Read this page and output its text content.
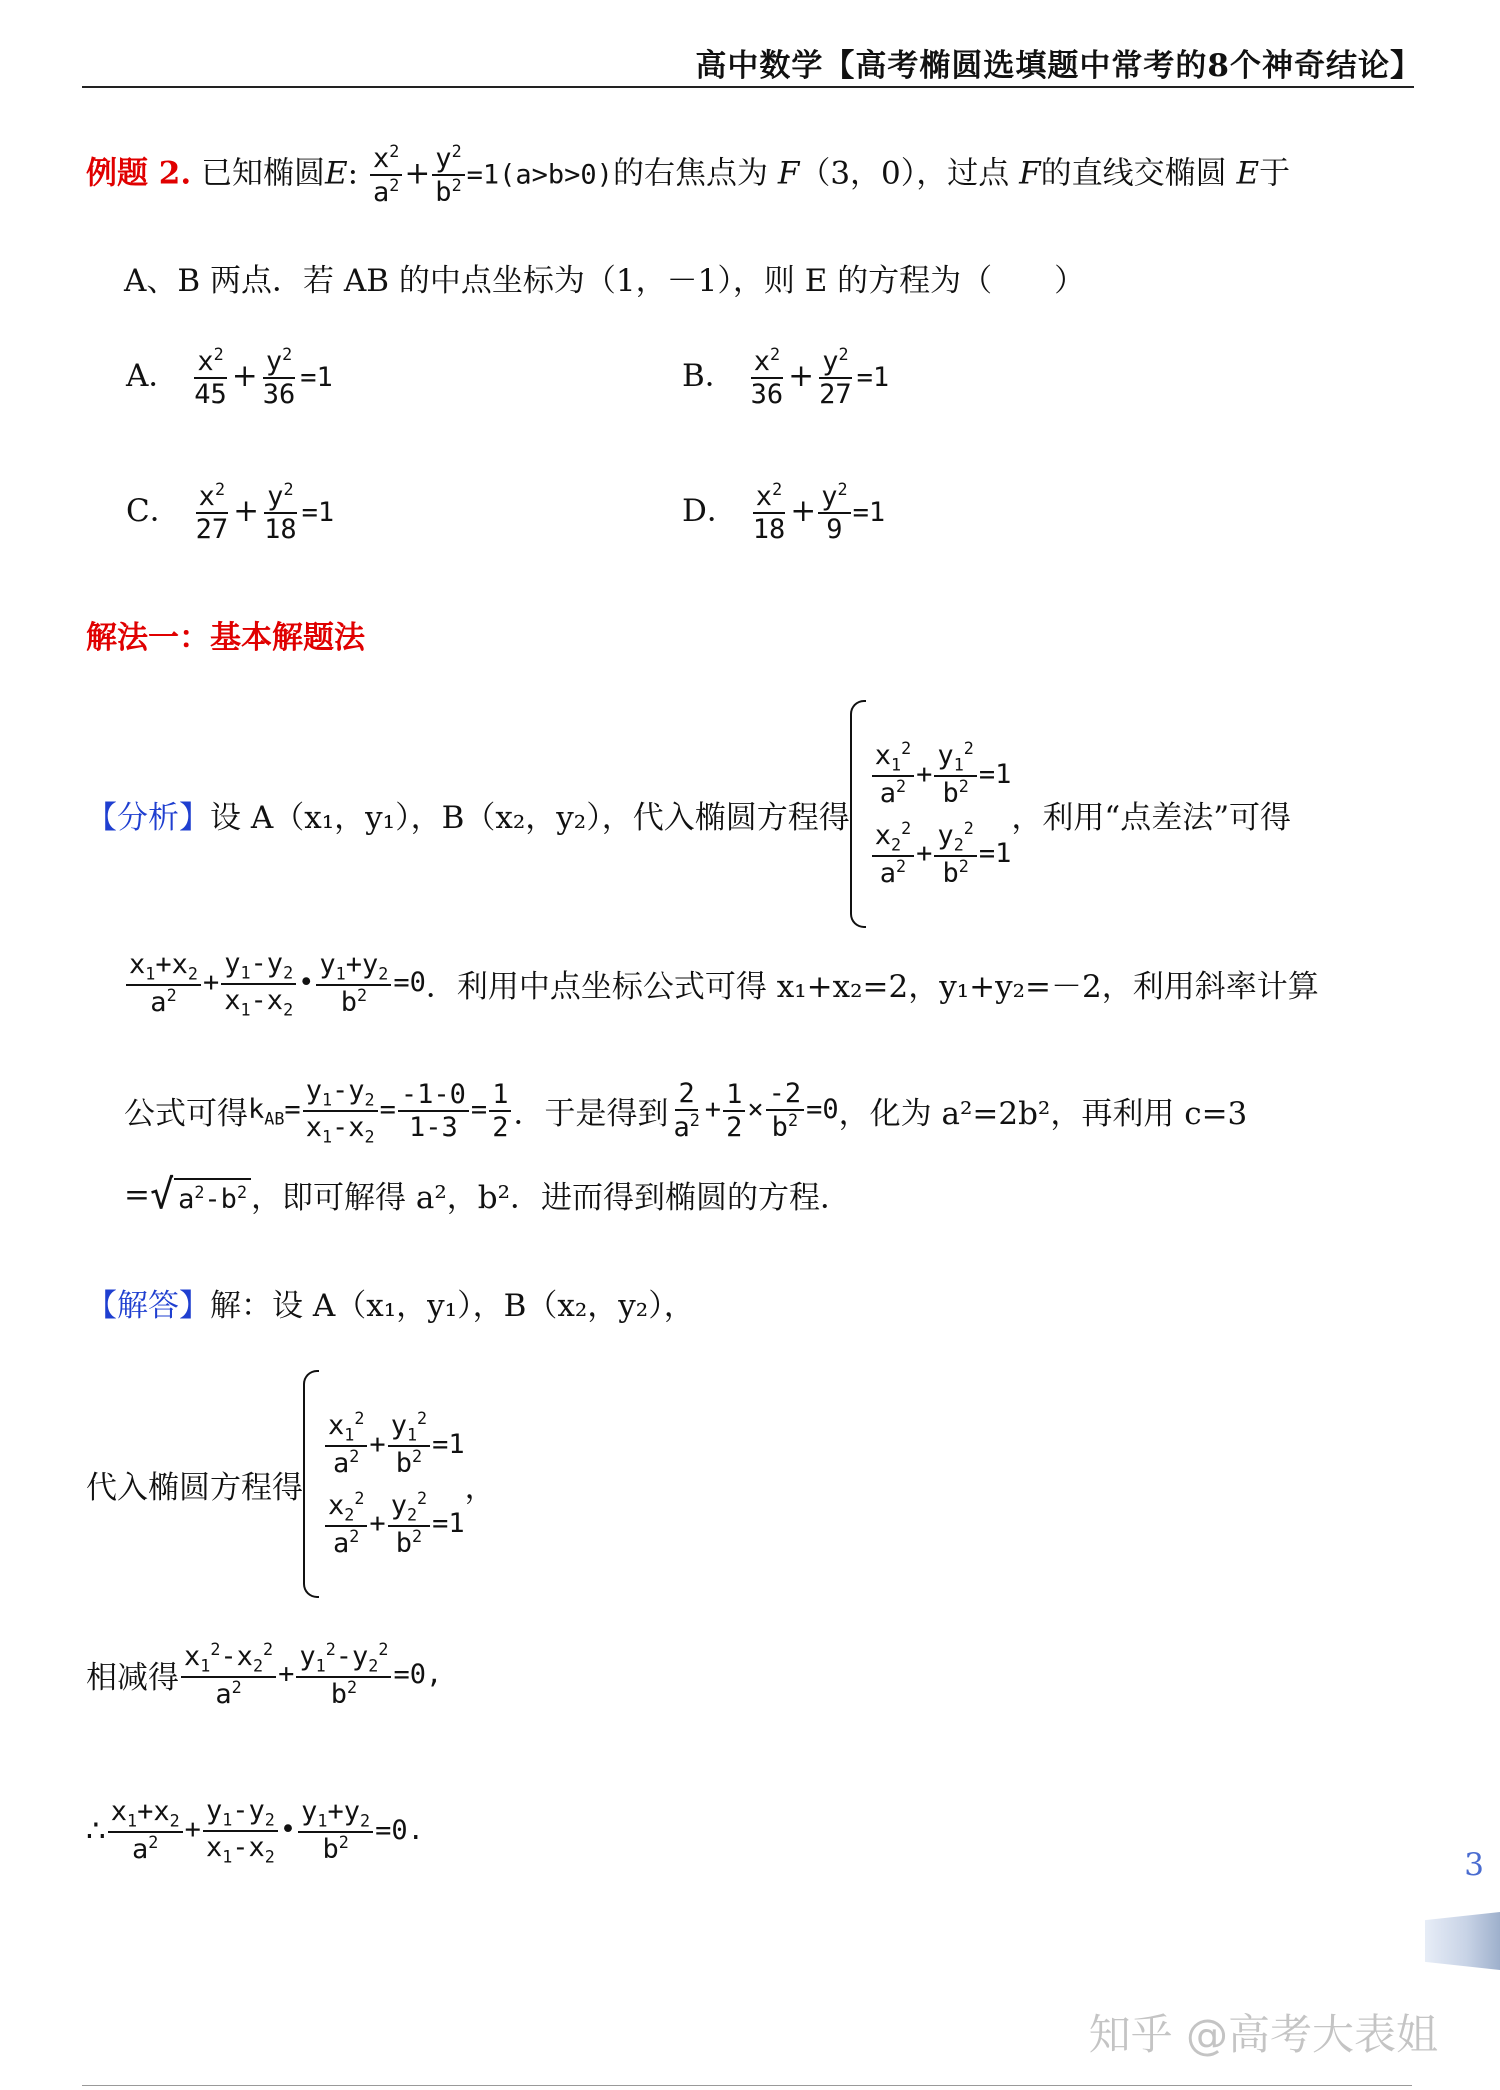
高中数学【高考椭圆选填题中常考的8个神奇结论】
例题 2. 已知椭圆E: $\frac{x^2}{a^2} + \frac{y^2}{b^2} =1(a>b>0)$的右焦点为 F（3，0），过点 F的直线交椭圆 E于
A、B 两点．若 AB 的中点坐标为（1，－1），则 E 的方程为（　　）
A． $\frac{x^2}{45} + \frac{y^2}{36} =1$	B． $\frac{x^2}{36} + \frac{y^2}{27} =1$
C． $\frac{x^2}{27} + \frac{y^2}{18} =1$	D． $\frac{x^2}{18} + \frac{y^2}{9} =1$
解法一：基本解题法
【分析】 设 A（x₁，y₁），B（x₂，y₂），代入椭圆方程得
$\frac{x_1^2}{a^2} + \frac{y_1^2}{b^2} =1$
$\frac{x_2^2}{a^2} + \frac{y_2^2}{b^2} =1$
，利用“点差法”可得
$\frac{x_1+x_2}{a^2} + \frac{y_1-y_2}{x_1-x_2}$ • $\frac{y_1+y_2}{b^2} =0$ ．利用中点坐标公式可得 x₁+x₂=2，y₁+y₂=－2，利用斜率计算
公式可得 $k_{AB}= \frac{y_1-y_2}{x_1-x_2} = \frac{-1-0}{1-3} = \frac{1}{2}$ ．于是得到 $\frac{2}{a^2} + \frac{1}{2} \times \frac{-2}{b^2} =0$ ，化为 a²=2b²，再利用 c=3
= √ $a^2-b^2$ ，即可解得 a²，b²．进而得到椭圆的方程．
【解答】解：设 A（x₁，y₁），B（x₂，y₂），
代入椭圆方程得
$\frac{x_1^2}{a^2} + \frac{y_1^2}{b^2} =1$
$\frac{x_2^2}{a^2} + \frac{y_2^2}{b^2} =1$
，
相减得 $\frac{x_1^2-x_2^2}{a^2} + \frac{y_1^2-y_2^2}{b^2} =0$,
∴ $\frac{x_1+x_2}{a^2} + \frac{y_1-y_2}{x_1-x_2}$ • $\frac{y_1+y_2}{b^2} =0$.
3
知乎 @高考大表姐
